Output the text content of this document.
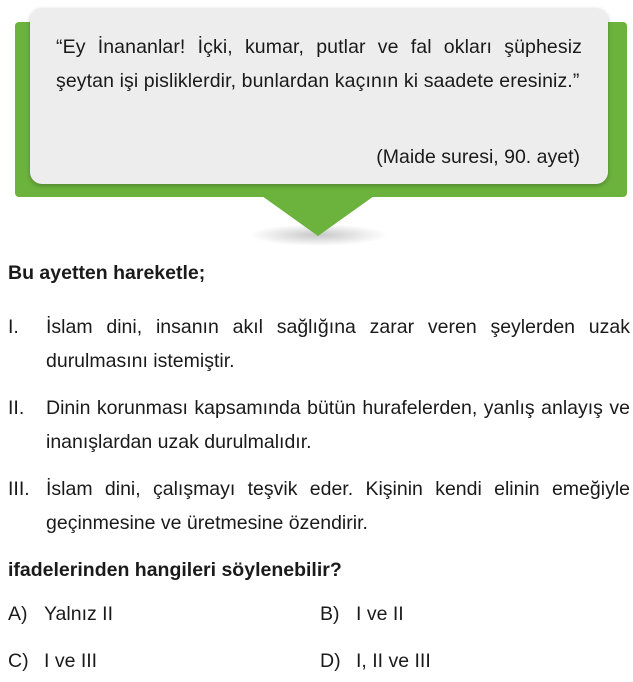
“Ey İnananlar! İçki, kumar, putlar ve fal okları şüphesiz şeytan işi pisliklerdir, bunlardan kaçının ki saadete eresiniz.”

(Maide suresi, 90. ayet)
Bu ayetten hareketle;
I. İslam dini, insanın akıl sağlığına zarar veren şeylerden uzak durulmasını istemiştir.

II. Dinin korunması kapsamında bütün hurafelerden, yanlış anlayış ve inanışlardan uzak durulmalıdır.

III. İslam dini, çalışmayı teşvik eder. Kişinin kendi elinin emeğiyle geçinmesine ve üretmesine özendirir.

ifadelerinden hangileri söylenebilir?
A) Yalnız II	B) I ve II
C) I ve III	D) I, II ve III
